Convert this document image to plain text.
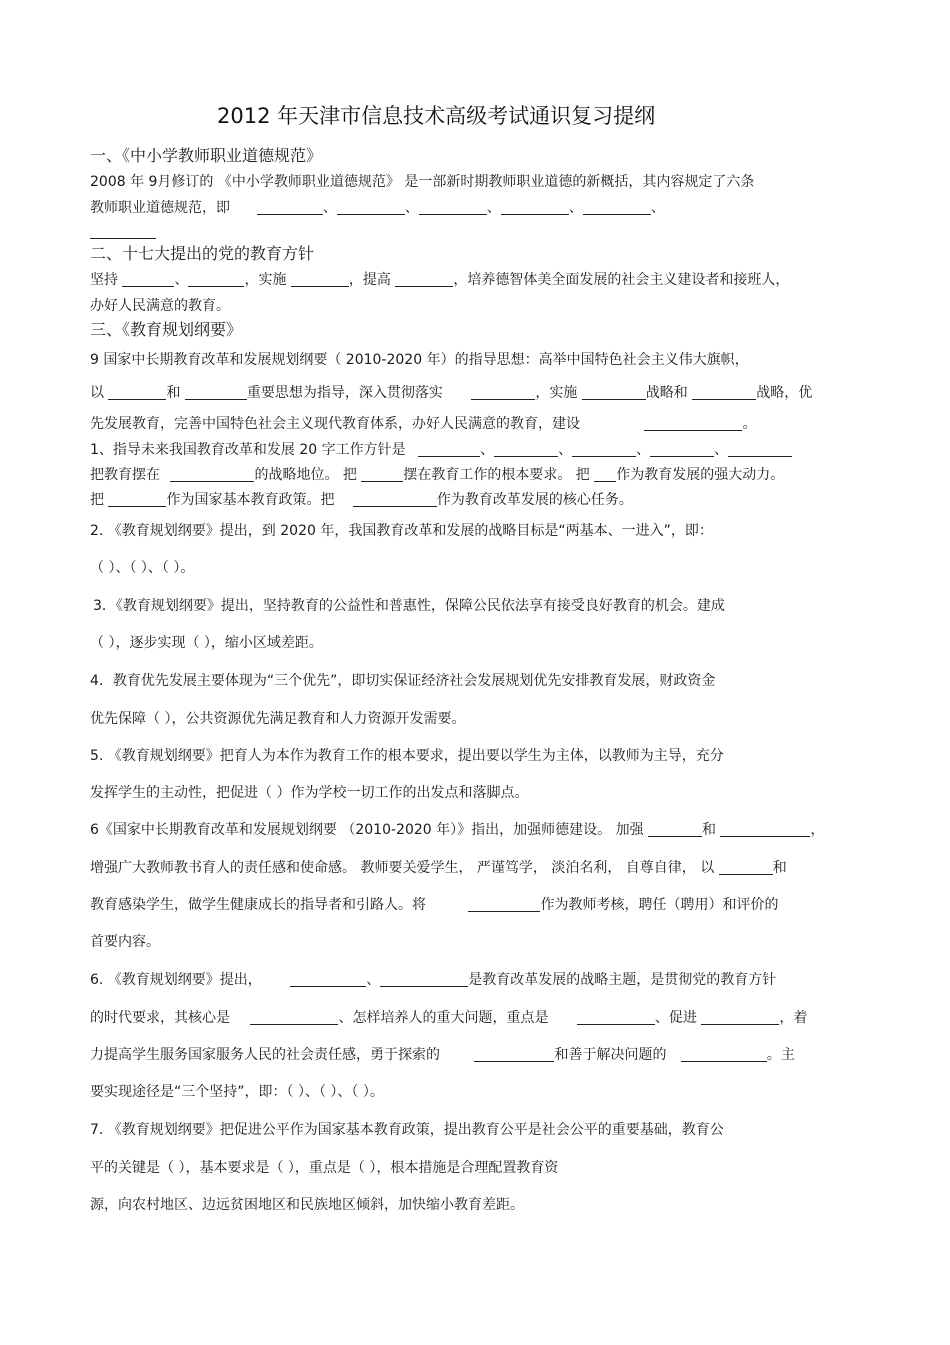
2012 年天津市信息技术高级考试通识复习提纲
一、《中小学教师职业道德规范》
2008 年 9月修订的 《中小学教师职业道德规范》 是一部新时期教师职业道德的新概括，其内容规定了六条
教师职业道德规范，即	、	、	、	、	、
二、十七大提出的党的教育方针
坚持	、	，实施	，提高	，培养德智体美全面发展的社会主义建设者和接班人，
办好人民满意的教育。
三、《教育规划纲要》
9 国家中长期教育改革和发展规划纲要（ 2010-2020 年）的指导思想：高举中国特色社会主义伟大旗帜，
以	和	重要思想为指导，深入贯彻落实	，实施	战略和	战略，优
先发展教育，完善中国特色社会主义现代教育体系，办好人民满意的教育，建设	。
1、指导未来我国教育改革和发展 20 字工作方针是	、	、	、	、
把教育摆在	的战略地位。 把	摆在教育工作的根本要求。 把 作为教育发展的强大动力。
把	作为国家基本教育政策。把	作为教育改革发展的核心任务。
2. 《教育规划纲要》提出，到 2020 年，我国教育改革和发展的战略目标是“两基本、一进入”，即：
（ ）、（ ）、（ ）。
3．《教育规划纲要》提出，坚持教育的公益性和普惠性，保障公民依法享有接受良好教育的机会。建成
（ ），逐步实现（ ），缩小区域差距。
4．教育优先发展主要体现为“三个优先”，即切实保证经济社会发展规划优先安排教育发展，财政资金
优先保障（ ），公共资源优先满足教育和人力资源开发需要。
5. 《教育规划纲要》把育人为本作为教育工作的根本要求，提出要以学生为主体，以教师为主导，充分
发挥学生的主动性，把促进（ ）作为学校一切工作的出发点和落脚点。
6《国家中长期教育改革和发展规划纲要 （2010-2020 年）》指出，加强师德建设。 加强	和	，
增强广大教师教书育人的责任感和使命感。 教师要关爱学生， 严谨笃学， 淡泊名利， 自尊自律， 以	和
教育感染学生，做学生健康成长的指导者和引路人。将	作为教师考核，聘任（聘用）和评价的
首要内容。
6. 《教育规划纲要》提出，	、	是教育改革发展的战略主题，是贯彻党的教育方针
的时代要求，其核心是	、怎样培养人的重大问题，重点是	、促进	，着
力提高学生服务国家服务人民的社会责任感，勇于探索的	和善于解决问题的	。主
要实现途径是“三个坚持”，即：（ ）、（ ）、（ ）。
7. 《教育规划纲要》把促进公平作为国家基本教育政策，提出教育公平是社会公平的重要基础，教育公
平的关键是（ ），基本要求是（ ），重点是（ ），根本措施是合理配置教育资
源，向农村地区、边远贫困地区和民族地区倾斜，加快缩小教育差距。
